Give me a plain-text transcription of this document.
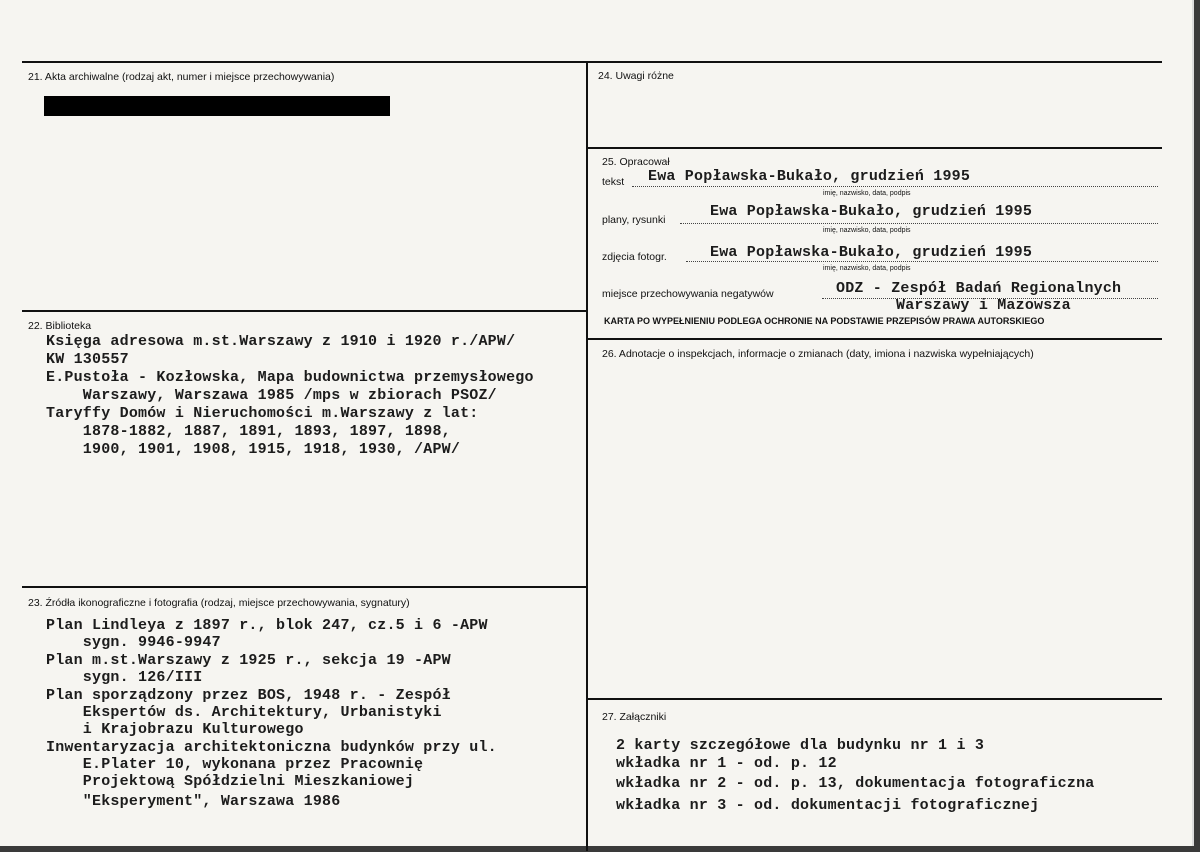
21. Akta archiwalne (rodzaj akt, numer i miejsce przechowywania)
22. Biblioteka
Księga adresowa m.st.Warszawy z 1910 i 1920 r./APW/
KW 130557
E.Pustoła - Kozłowska, Mapa budownictwa przemysłowego
Warszawy, Warszawa 1985 /mps w zbiorach PSOZ/
Taryffy Domów i Nieruchomości m.Warszawy z lat:
1878-1882, 1887, 1891, 1893, 1897, 1898,
1900, 1901, 1908, 1915, 1918, 1930, /APW/
23. Źródła ikonograficzne i fotografia (rodzaj, miejsce przechowywania, sygnatury)
Plan Lindleya z 1897 r., blok 247, cz.5 i 6 -APW
sygn. 9946-9947
Plan m.st.Warszawy z 1925 r., sekcja 19 -APW
sygn. 126/III
Plan sporządzony przez BOS, 1948 r. - Zespół
Ekspertów ds. Architektury, Urbanistyki
i Krajobrazu Kulturowego
Inwentaryzacja architektoniczna budynków przy ul.
E.Plater 10, wykonana przez Pracownię
Projektową Spółdzielni Mieszkaniowej
"Eksperyment", Warszawa 1986
24. Uwagi różne
25. Opracował
tekst Ewa Popławska-Bukało, grudzień 1995
imię, nazwisko, data, podpis
plany, rysunki	Ewa Popławska-Bukało, grudzień 1995
imię, nazwisko, data, podpis
zdjęcia fotogr.	Ewa Popławska-Bukało, grudzień 1995
imię, nazwisko, data, podpis
miejsce przechowywania negatywów	ODZ - Zespół Badań Regionalnych
Warszawy i Mazowsza
KARTA PO WYPEŁNIENIU PODLEGA OCHRONIE NA PODSTAWIE PRZEPISÓW PRAWA AUTORSKIEGO
26. Adnotacje o inspekcjach, informacje o zmianach (daty, imiona i nazwiska wypełniających)
27. Załączniki
2 karty szczegółowe dla budynku nr 1 i 3
wkładka nr 1 - od. p. 12
wkładka nr 2 - od. p. 13, dokumentacja fotograficzna
wkładka nr 3 - od. dokumentacji fotograficznej
